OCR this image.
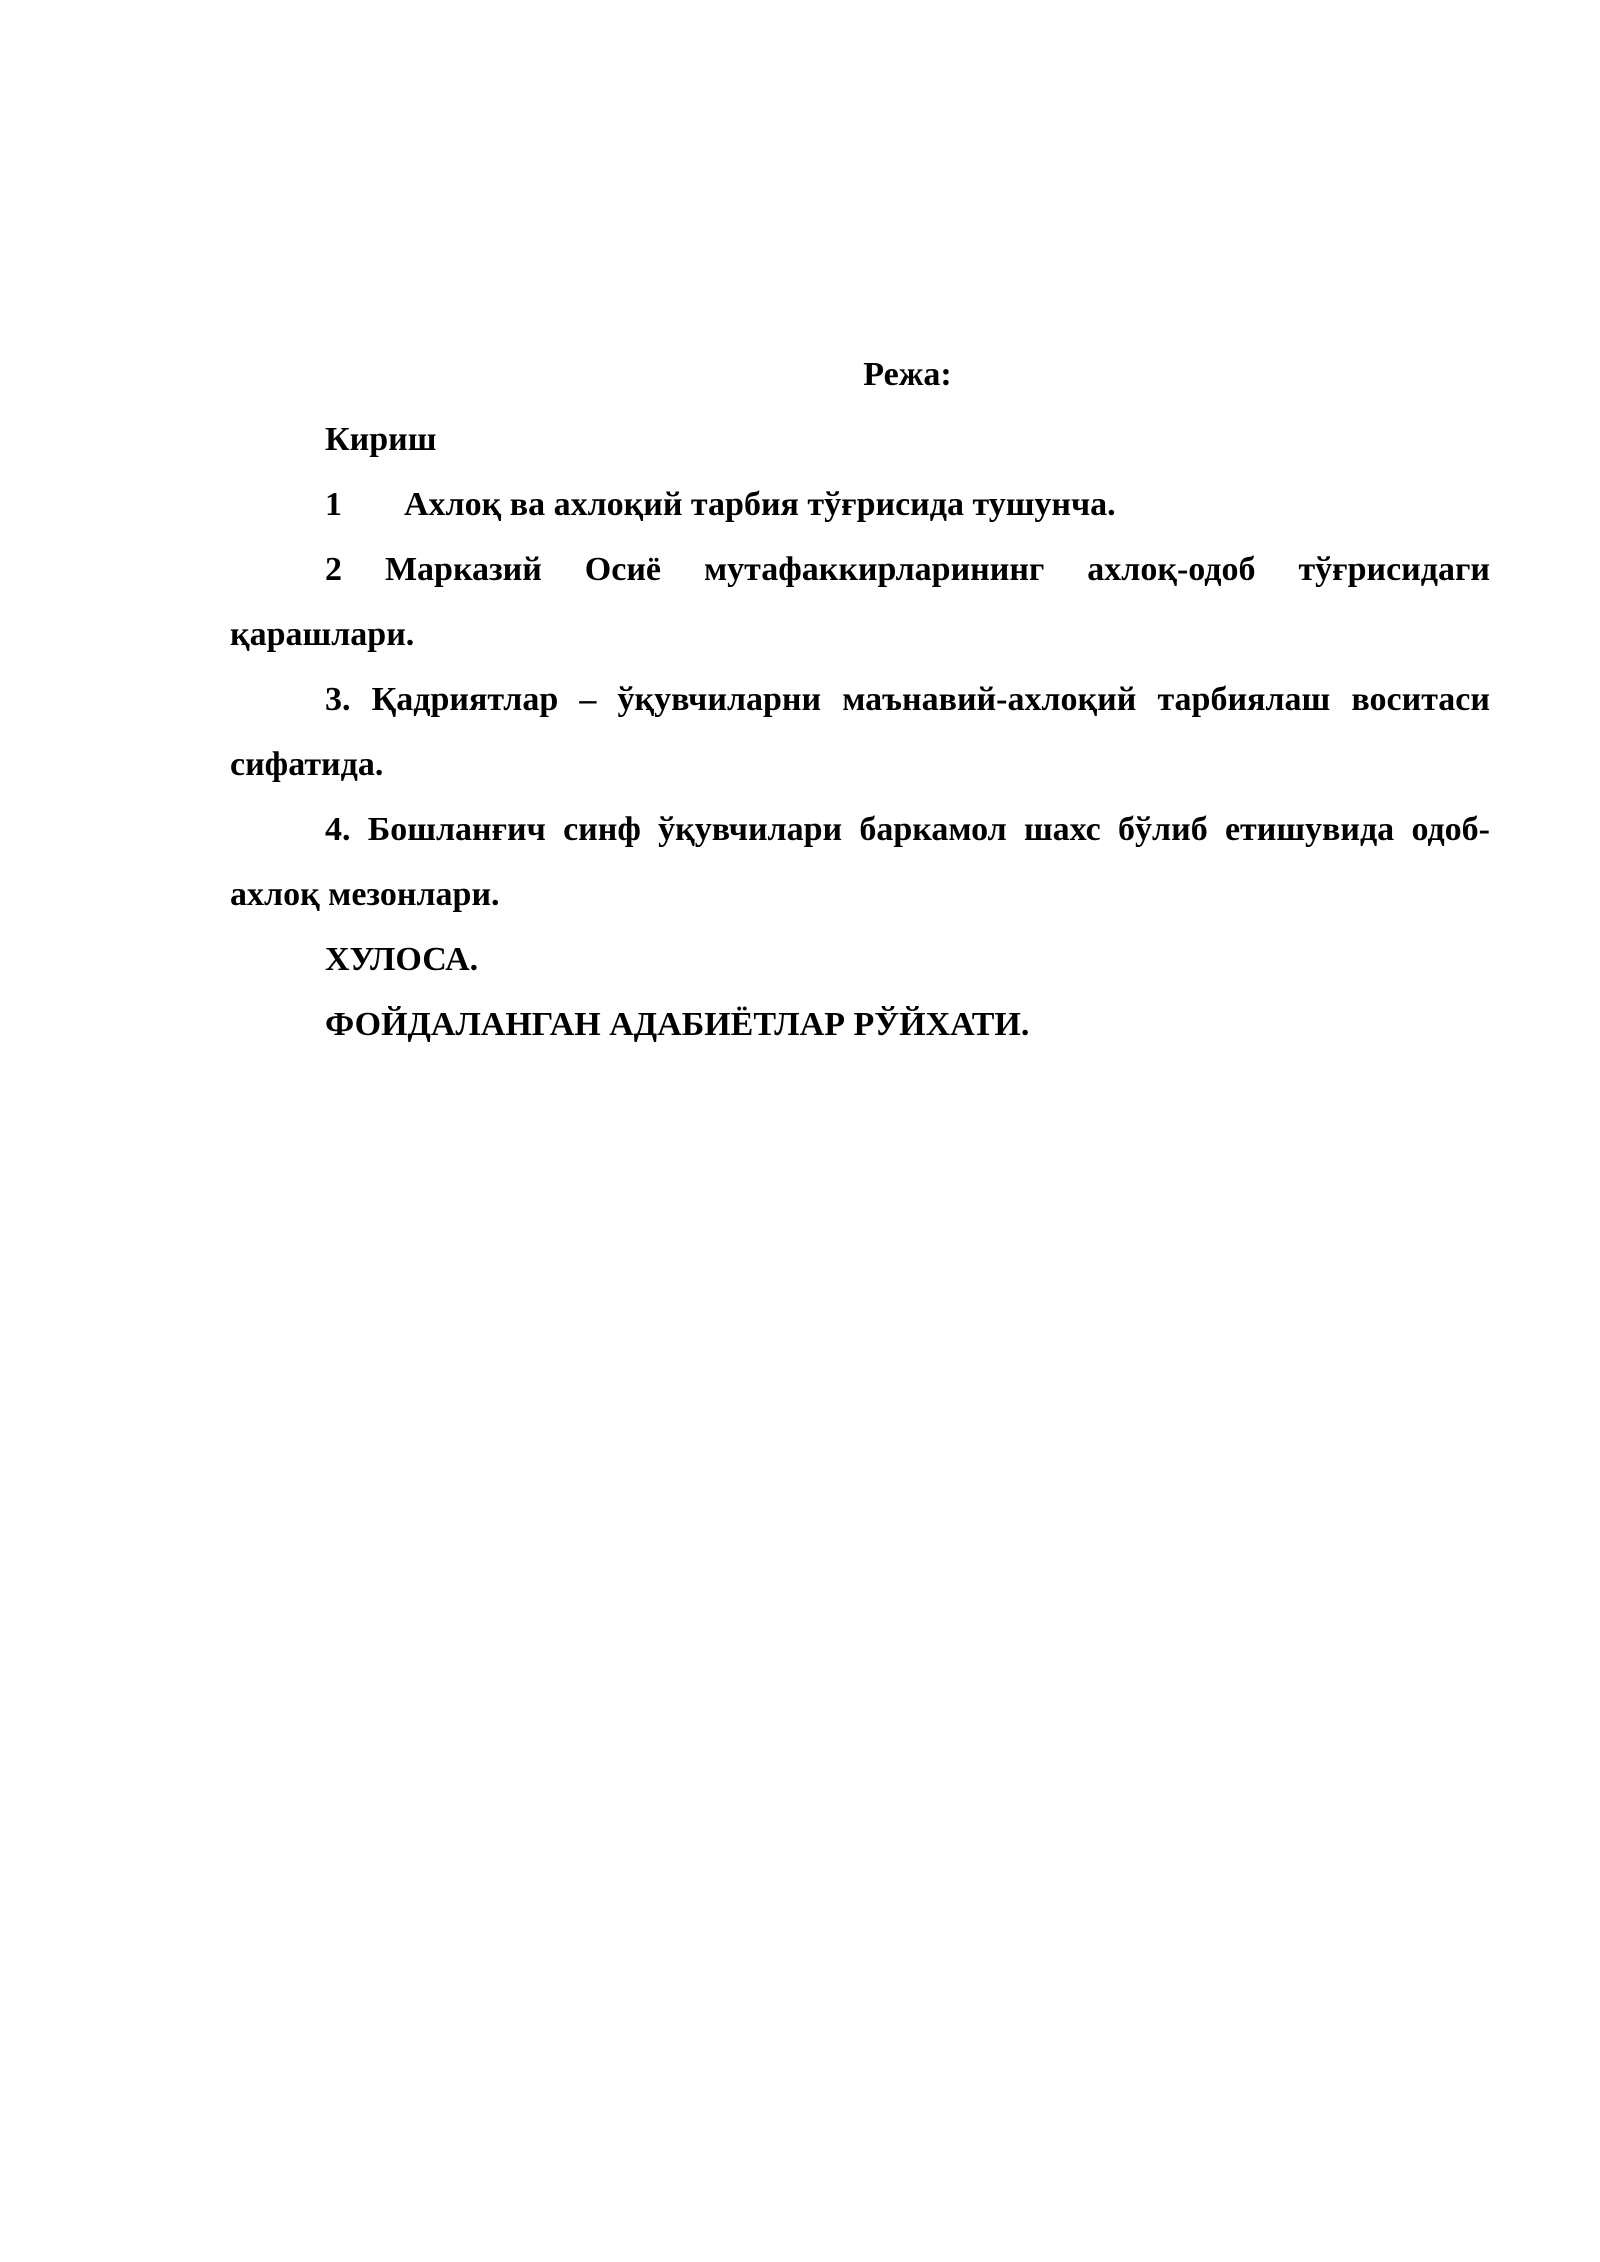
Режа:

Кириш

1 Ахлоқ ва ахлоқий тарбия тўғрисида тушунча.

2 Марказий Осиё мутафаккирларининг ахлоқ-одоб тўғрисидаги қарашлари.

3. Қадриятлар – ўқувчиларни маънавий-ахлоқий тарбиялаш воситаси сифатида.

4. Бошланғич синф ўқувчилари баркамол шахс бўлиб етишувида одоб- ахлоқ мезонлари.

ХУЛОСА.

ФОЙДАЛАНГАН АДАБИЁТЛАР РЎЙХАТИ.
